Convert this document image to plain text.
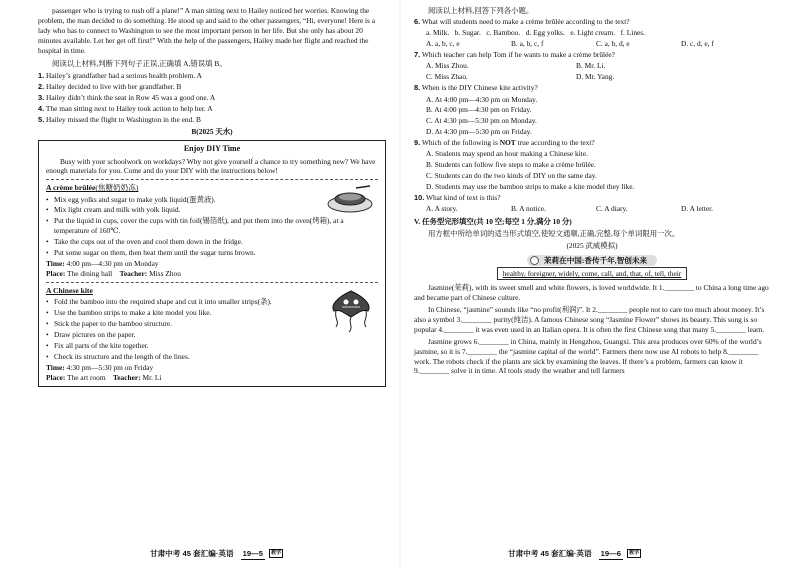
passenger who is trying to rush off a plane!” A man sitting next to Hailey noticed her worries. Knowing the problem, the man decided to do something. He stood up and said to the other passengers, “Hi, everyone! Here is a lady who has to connect to Washington to see the most important person in her life. But she only has about 20 minutes available. Let her get off first!” With the help of the passengers, Hailey made her flight and reached the hospital in time.

阅读以上材料,判断下列句子正误,正确填 A,错误填 B。

1. Hailey’s grandfather had a serious health problem. A

2. Hailey decided to live with her grandfather. B

3. Hailey didn’t think the seat in Row 45 was a good one. A

4. The man sitting next to Hailey took action to help her. A

5. Hailey missed the flight to Washington in the end. B

B(2025 天水)

Enjoy DIY Time

Busy with your schoolwork on workdays? Why not give yourself a chance to try something new? We have enough materials for you. Come and do your DIY with the instructions below!

A crème brûlée(焦糖奶奶冻)

• Mix egg yolks and sugar to make yolk liquid(蛋黄液).

• Mix light cream and milk with yolk liquid.

• Put the liquid in cups, cover the cups with tin foil(锡箔纸), and put them into the oven(烤箱), at a temperature of 160℃.

• Take the cups out of the oven and cool them down in the fridge.

• Put some sugar on them, then heat them until the sugar turns brown.

Time: 4:00 pm—4:30 pm on Monday

Place: The dining hall Teacher: Miss Zhou

A Chinese kite

• Fold the bamboo into the required shape and cut it into smaller strips(条).

• Use the bamboo strips to make a kite model you like.

• Stick the paper to the bamboo structure.

• Draw pictures on the paper.

• Fix all parts of the kite together.

• Check its structure and the length of the lines.

Time: 4:30 pm—5:30 pm on Friday

Place: The art room Teacher: Mr. Li

甘肃中考 45 套汇编·英语 19—5 教学

阅读以上材料,回答下列各小题。

6. What will students need to make a crème brûlée according to the text?

a. Milk.   b. Sugar.   c. Bamboo.   d. Egg yolks.   e. Light cream.   f. Lines.

A. a, b, c, e	B. a, b, c, f	C. a, b, d, e	D. c, d, e, f

7. Which teacher can help Tom if he wants to make a crème brûlée?

A. Miss Zhou.	B. Mr. Li.
C. Miss Zhao.	D. Mr. Yang.

8. When is the DIY Chinese kite activity?

A. At 4:00 pm—4:30 pm on Monday.

B. At 4:00 pm—4:30 pm on Friday.

C. At 4:30 pm—5:30 pm on Monday.

D. At 4:30 pm—5:30 pm on Friday.

9. Which of the following is NOT true according to the text?

A. Students may spend an hour making a Chinese kite.

B. Students can follow five steps to make a crème brûlée.

C. Students can do the two kinds of DIY on the same day.

D. Students may use the bamboo strips to make a kite model they like.

10. What kind of text is this?

A. A story.	B. A notice.	C. A diary.	D. A letter.

V. 任务型完形填空(共 10 空;每空 1 分,满分 10 分)

用方框中所给单词的适当形式填空,使短文通顺,正确,完整,每个单词限用一次。

(2025 武威模拟)

茉莉在中国:香传千年,智创未来

healthy, foreigner, widely, come, call, and, that, of, tell, their

Jasmine(茉莉), with its sweet smell and white flowers, is loved worldwide. It 1.________ to China a long time ago and became part of Chinese culture.

In Chinese, “jasmine” sounds like “no profit(利润)”. It 2.________ people not to care too much about money. It’s also a symbol 3.________ purity(纯洁). A famous Chinese song “Jasmine Flower” shows its beauty. This song is so popular 4.________ it was even used in an Italian opera. It is often the first Chinese song that many 5.________ learn.

Jasmine grows 6.________ in China, mainly in Hengzhou, Guangxi. This area produces over 60% of the world’s jasmine, so it is 7.________ the “jasmine capital of the world”. Farmers there now use AI robots to help 8.________ work. The robots check if the plants are sick by examining the leaves. If there’s a problem, farmers can know it 9.________ solve it in time. AI tools study the weather and tell farmers

甘肃中考 45 套汇编·英语 19—6 教学
